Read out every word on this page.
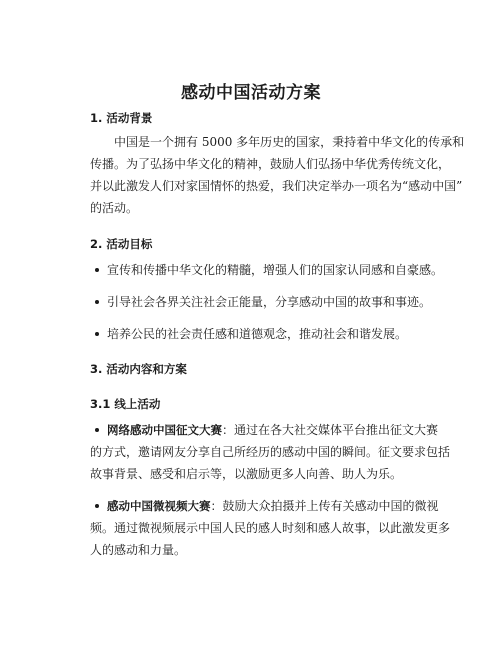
感动中国活动方案
1. 活动背景
中国是一个拥有 5000 多年历史的国家，秉持着中华文化的传承和
传播。为了弘扬中华文化的精神，鼓励人们弘扬中华优秀传统文化，
并以此激发人们对家国情怀的热爱，我们决定举办一项名为“感动中国”
的活动。
2. 活动目标
宣传和传播中华文化的精髓，增强人们的国家认同感和自豪感。
引导社会各界关注社会正能量，分享感动中国的故事和事迹。
培养公民的社会责任感和道德观念，推动社会和谐发展。
3. 活动内容和方案
3.1 线上活动
网络感动中国征文大赛：通过在各大社交媒体平台推出征文大赛
的方式，邀请网友分享自己所经历的感动中国的瞬间。征文要求包括
故事背景、感受和启示等，以激励更多人向善、助人为乐。
感动中国微视频大赛：鼓励大众拍摄并上传有关感动中国的微视
频。通过微视频展示中国人民的感人时刻和感人故事，以此激发更多
人的感动和力量。
